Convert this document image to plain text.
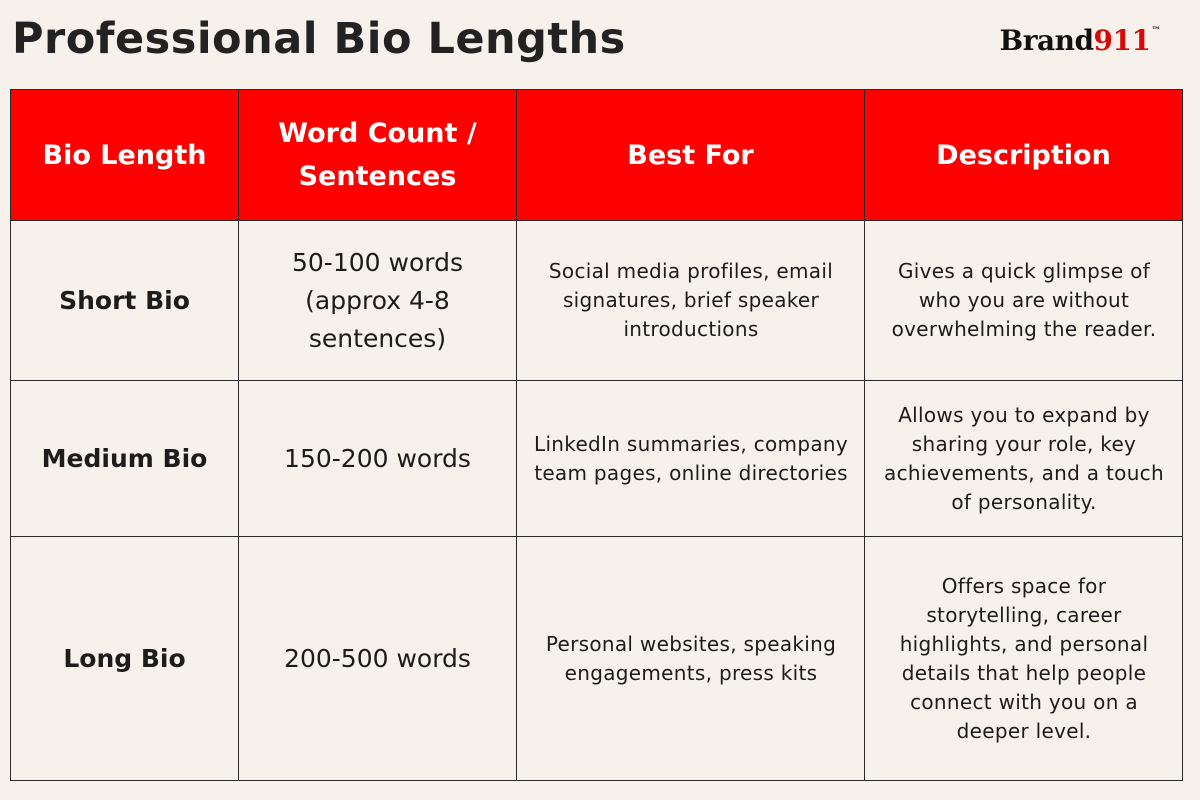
Professional Bio Lengths	Brand911™
Bio Length	Word Count / Sentences	Best For	Description
Short Bio	50-100 words (approx 4-8 sentences)	Social media profiles, email signatures, brief speaker introductions	Gives a quick glimpse of who you are without overwhelming the reader.
Medium Bio	150-200 words	LinkedIn summaries, company team pages, online directories	Allows you to expand by sharing your role, key achievements, and a touch of personality.
Long Bio	200-500 words	Personal websites, speaking engagements, press kits	Offers space for storytelling, career highlights, and personal details that help people connect with you on a deeper level.
